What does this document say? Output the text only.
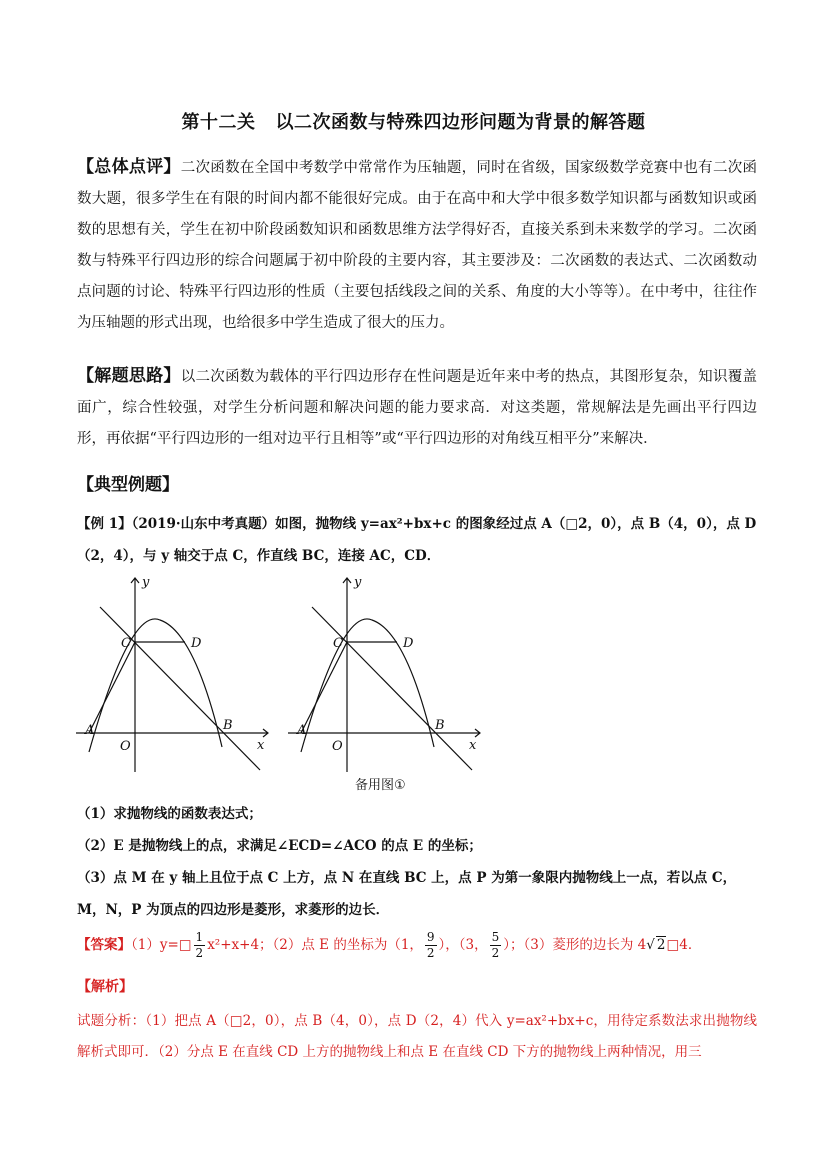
第十二关 以二次函数与特殊四边形问题为背景的解答题
【总体点评】二次函数在全国中考数学中常常作为压轴题，同时在省级，国家级数学竞赛中也有二次函数大题，很多学生在有限的时间内都不能很好完成。由于在高中和大学中很多数学知识都与函数知识或函数的思想有关，学生在初中阶段函数知识和函数思维方法学得好否，直接关系到未来数学的学习。二次函数与特殊平行四边形的综合问题属于初中阶段的主要内容，其主要涉及：二次函数的表达式、二次函数动点问题的讨论、特殊平行四边形的性质（主要包括线段之间的关系、角度的大小等等）。在中考中，往往作为压轴题的形式出现，也给很多中学生造成了很大的压力。
【解题思路】以二次函数为载体的平行四边形存在性问题是近年来中考的热点，其图形复杂，知识覆盖面广，综合性较强，对学生分析问题和解决问题的能力要求高．对这类题，常规解法是先画出平行四边形，再依据“平行四边形的一组对边平行且相等”或“平行四边形的对角线互相平分”来解决．
【典型例题】
【例 1】（2019·山东中考真题）如图，抛物线 y=ax²+bx+c 的图象经过点 A（□2，0），点 B（4，0），点 D
（2，4），与 y 轴交于点 C，作直线 BC，连接 AC，CD．
y
x
O
A	B
C	D
y
x
O
A	B
C	D
备用图①
（1）求抛物线的函数表达式；
（2）E 是抛物线上的点，求满足∠ECD=∠ACO 的点 E 的坐标；
（3）点 M 在 y 轴上且位于点 C 上方，点 N 在直线 BC 上，点 P 为第一象限内抛物线上一点，若以点 C，
M，N，P 为顶点的四边形是菱形，求菱形的边长．
【答案】（1）y=□ $\frac{1}{2} x^2+x+4$；（2）点 E 的坐标为（1， $\frac{9}{2}$ ），（3， $\frac{5}{2}$ ）；（3）菱形的边长为 4√ 2□4．
【解析】
试题分析：（1）把点 A（□2，0），点 B（4，0），点 D（2，4）代入 y=ax²+bx+c，用待定系数法求出抛物线解析式即可．（2）分点 E 在直线 CD 上方的抛物线上和点 E 在直线 CD 下方的抛物线上两种情况，用三
